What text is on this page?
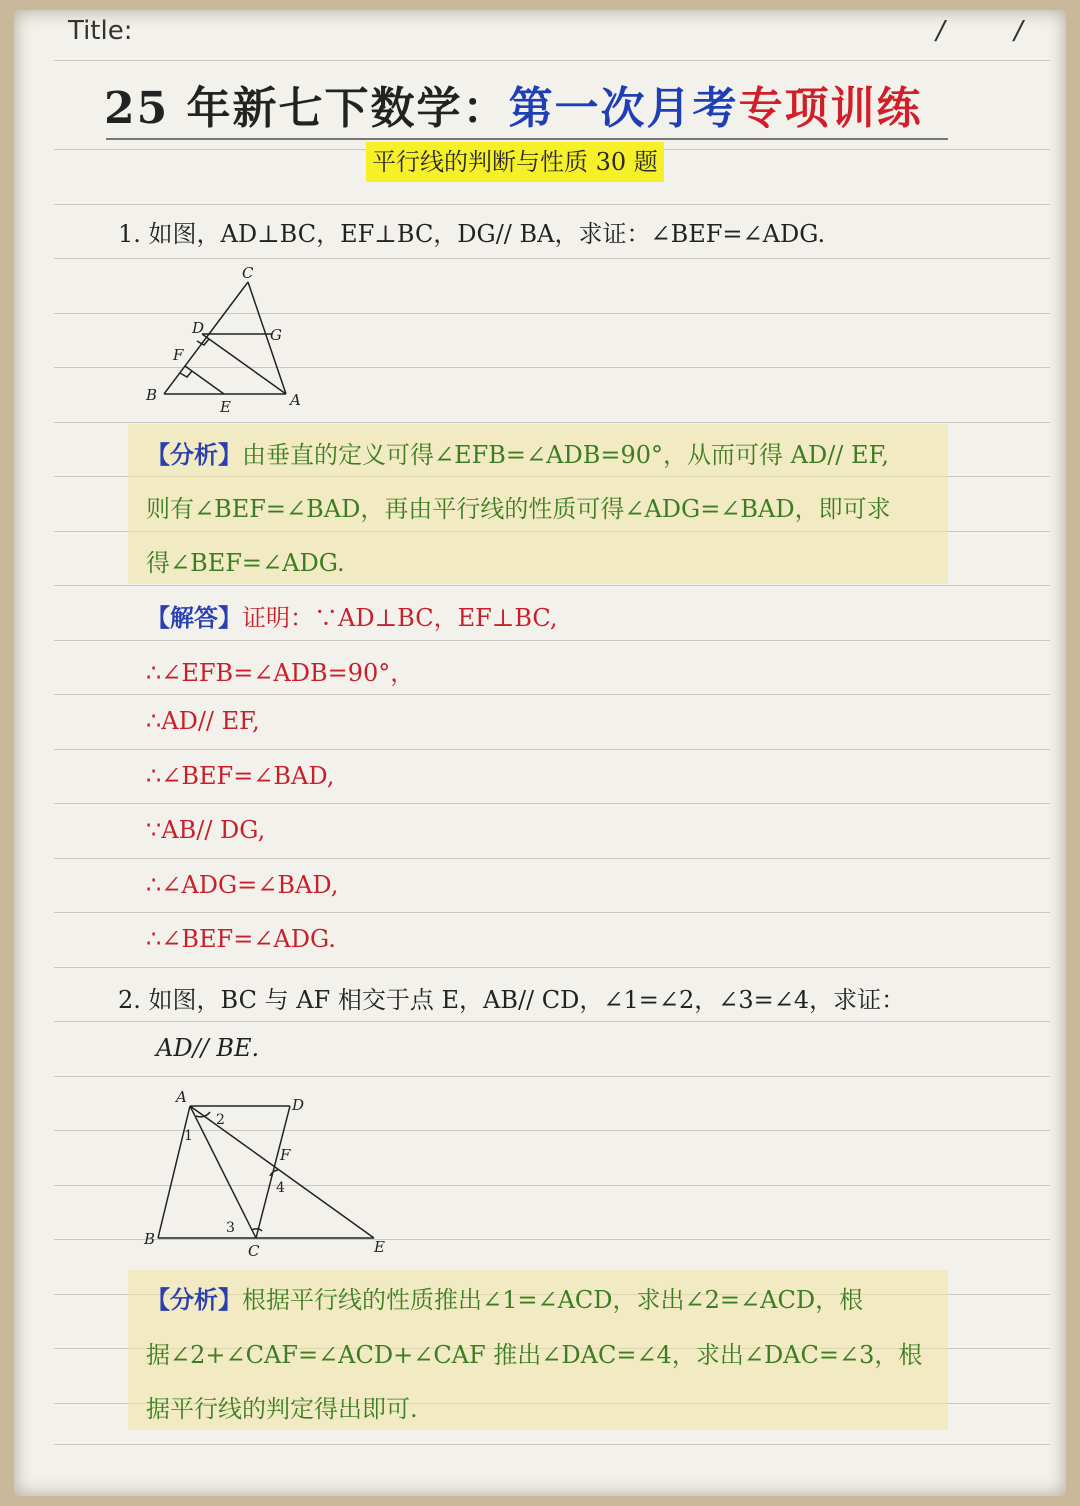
Title:	/	/
25 年新七下数学：第一次月考专项训练
平行线的判断与性质 30 题
1. 如图，AD⊥BC，EF⊥BC，DG// BA，求证：∠BEF=∠ADG.
C
D	G
F
B
E	A
【分析】由垂直的定义可得∠EFB=∠ADB=90°，从而可得 AD// EF,
则有∠BEF=∠BAD，再由平行线的性质可得∠ADG=∠BAD，即可求
得∠BEF=∠ADG.
【解答】证明：∵AD⊥BC，EF⊥BC,
∴∠EFB=∠ADB=90°，
∴AD// EF,
∴∠BEF=∠BAD,
∵AB// DG,
∴∠ADG=∠BAD,
∴∠BEF=∠ADG.
2. 如图，BC 与 AF 相交于点 E，AB// CD，∠1=∠2，∠3=∠4，求证：
AD// BE.
A	D
F
B
C	E
1
2
3
4
【分析】根据平行线的性质推出∠1=∠ACD，求出∠2=∠ACD，根
据∠2+∠CAF=∠ACD+∠CAF 推出∠DAC=∠4，求出∠DAC=∠3，根
据平行线的判定得出即可.
